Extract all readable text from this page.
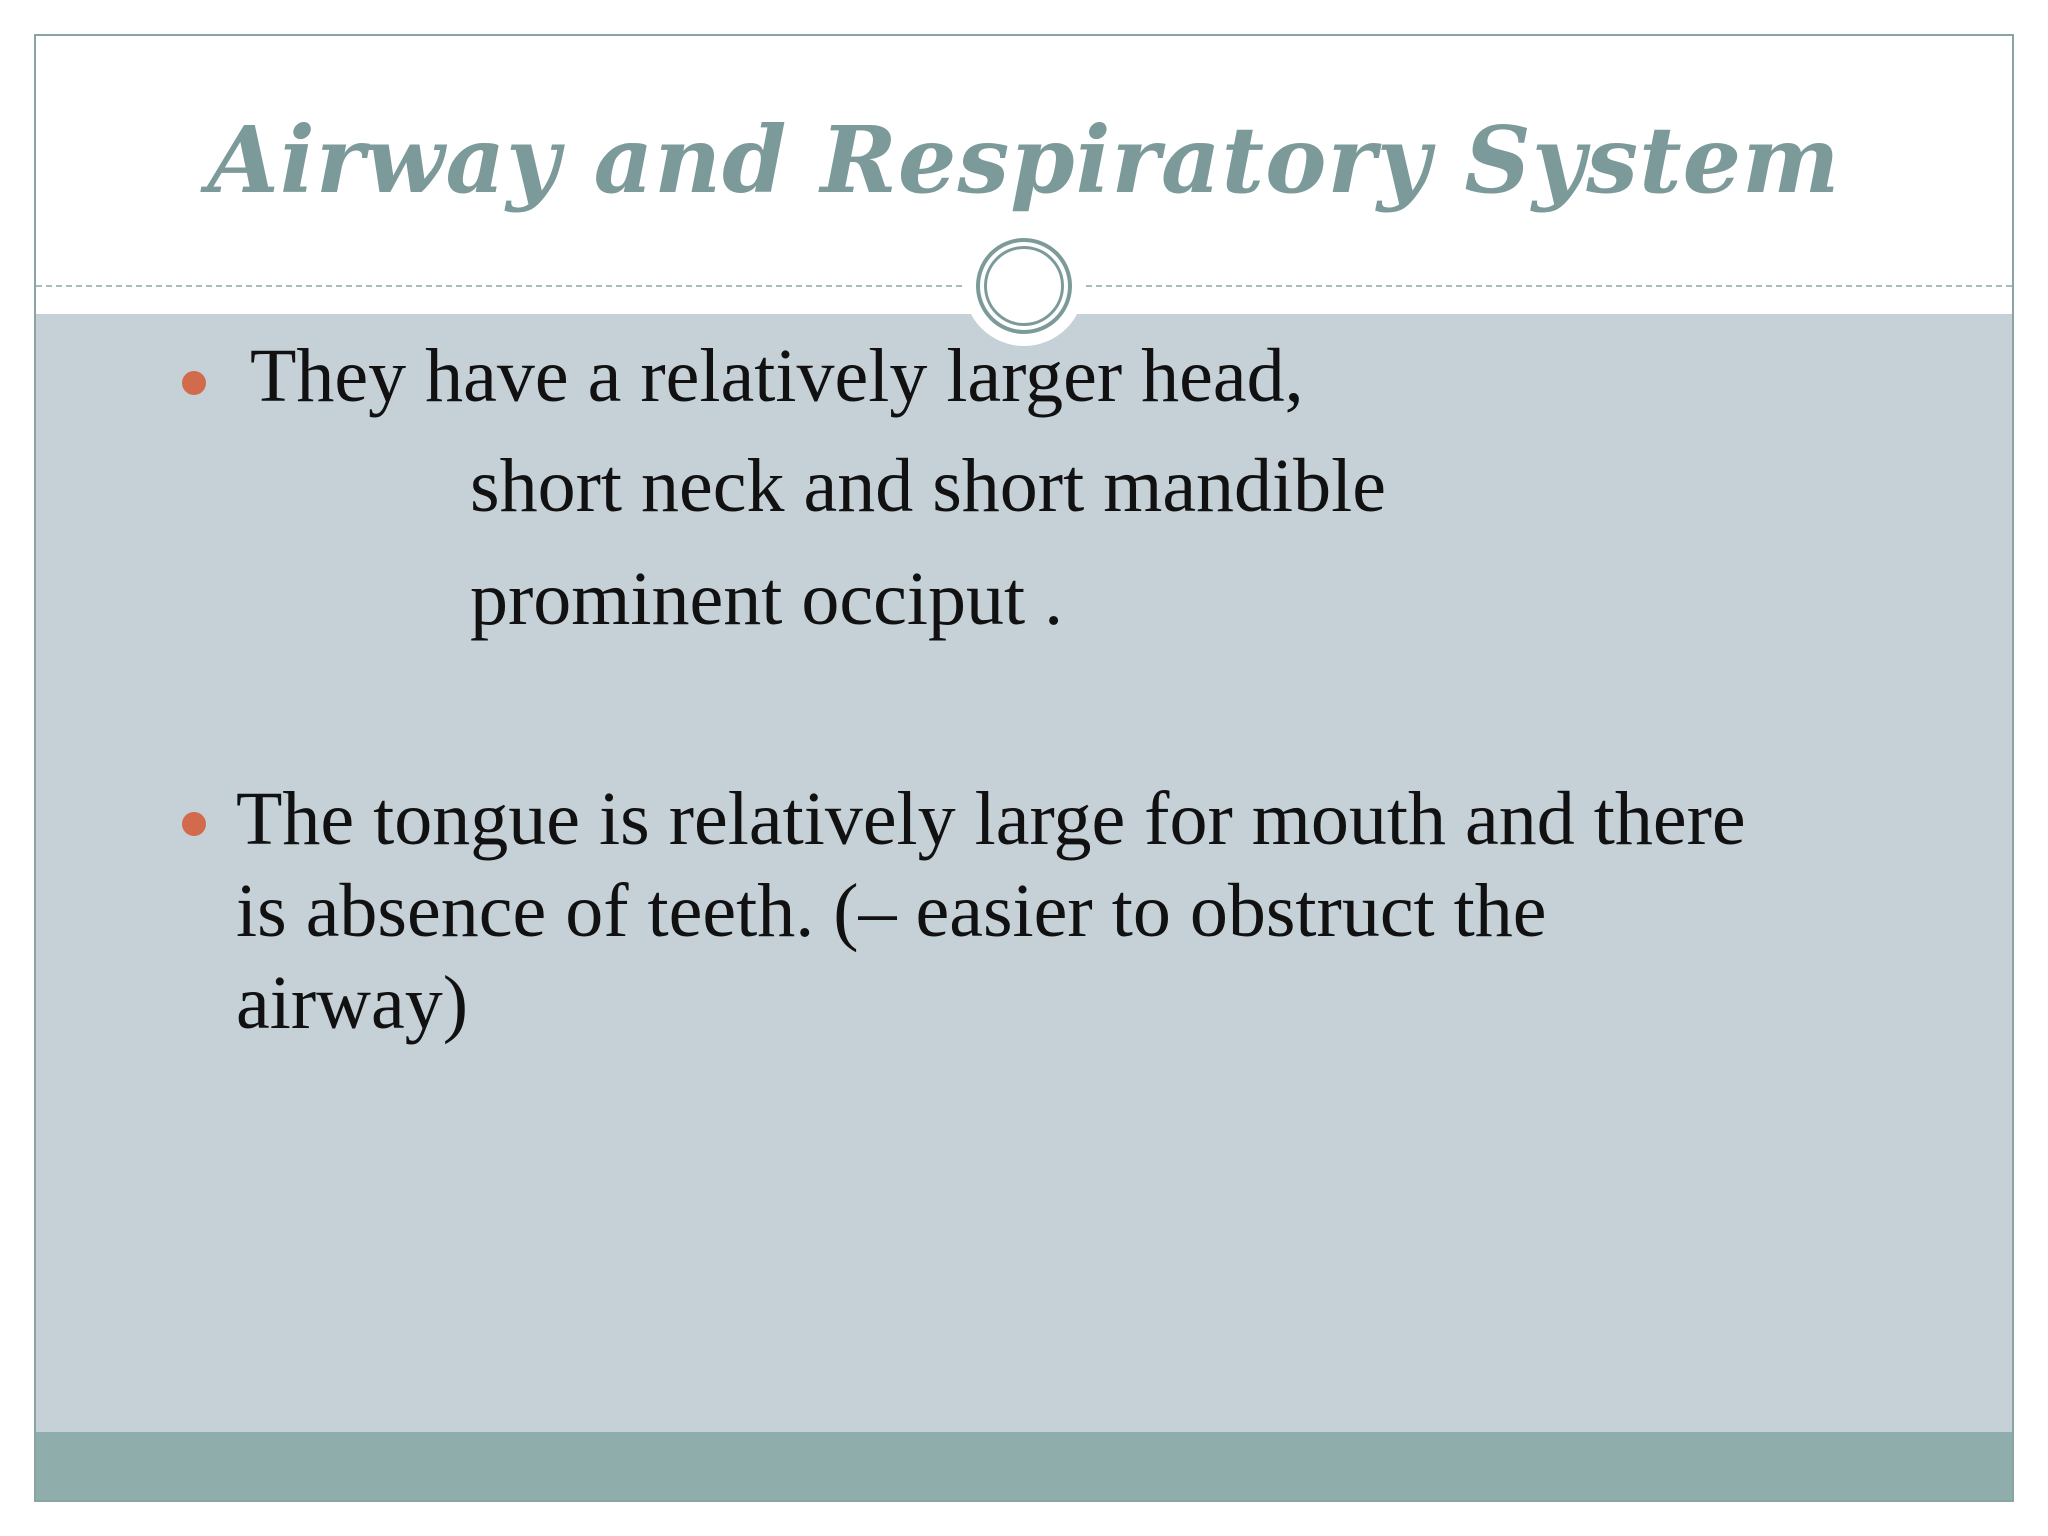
Airway and Respiratory System
They have a relatively larger head,
short neck and short mandible
prominent occiput .
The tongue is relatively large for mouth and there
is absence of teeth. (– easier to obstruct the
airway)
